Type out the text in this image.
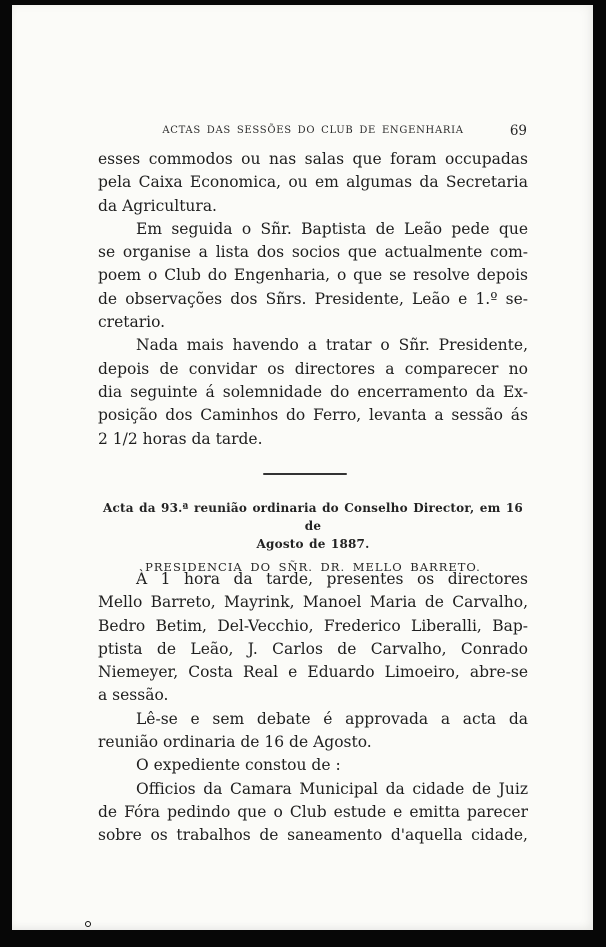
ACTAS DAS SESSÕES DO CLUB DE ENGENHARIA	69
esses commodos ou nas salas que foram occupadas
pela Caixa Economica, ou em algumas da Secretaria
da Agricultura.
Em seguida o Sñr. Baptista de Leão pede que
se organise a lista dos socios que actualmente com-
poem o Club do Engenharia, o que se resolve depois
de observações dos Sñrs. Presidente, Leão e 1.º se-
cretario.
Nada mais havendo a tratar o Sñr. Presidente,
depois de convidar os directores a comparecer no
dia seguinte á solemnidade do encerramento da Ex-
posição dos Caminhos do Ferro, levanta a sessão ás
2 1/2 horas da tarde.
Acta da 93.ª reunião ordinaria do Conselho Director, em 16 de
Agosto de 1887.
PRESIDENCIA DO SÑR. DR. MELLO BARRETO.
À 1 hora da tarde, presentes os directores
Mello Barreto, Mayrink, Manoel Maria de Carvalho,
Bedro Betim, Del-Vecchio, Frederico Liberalli, Bap-
ptista de Leão, J. Carlos de Carvalho, Conrado
Niemeyer, Costa Real e Eduardo Limoeiro, abre-se
a sessão.
Lê-se e sem debate é approvada a acta da
reunião ordinaria de 16 de Agosto.
O expediente constou de :
Officios da Camara Municipal da cidade de Juiz
de Fóra pedindo que o Club estude e emitta parecer
sobre os trabalhos de saneamento d'aquella cidade,
